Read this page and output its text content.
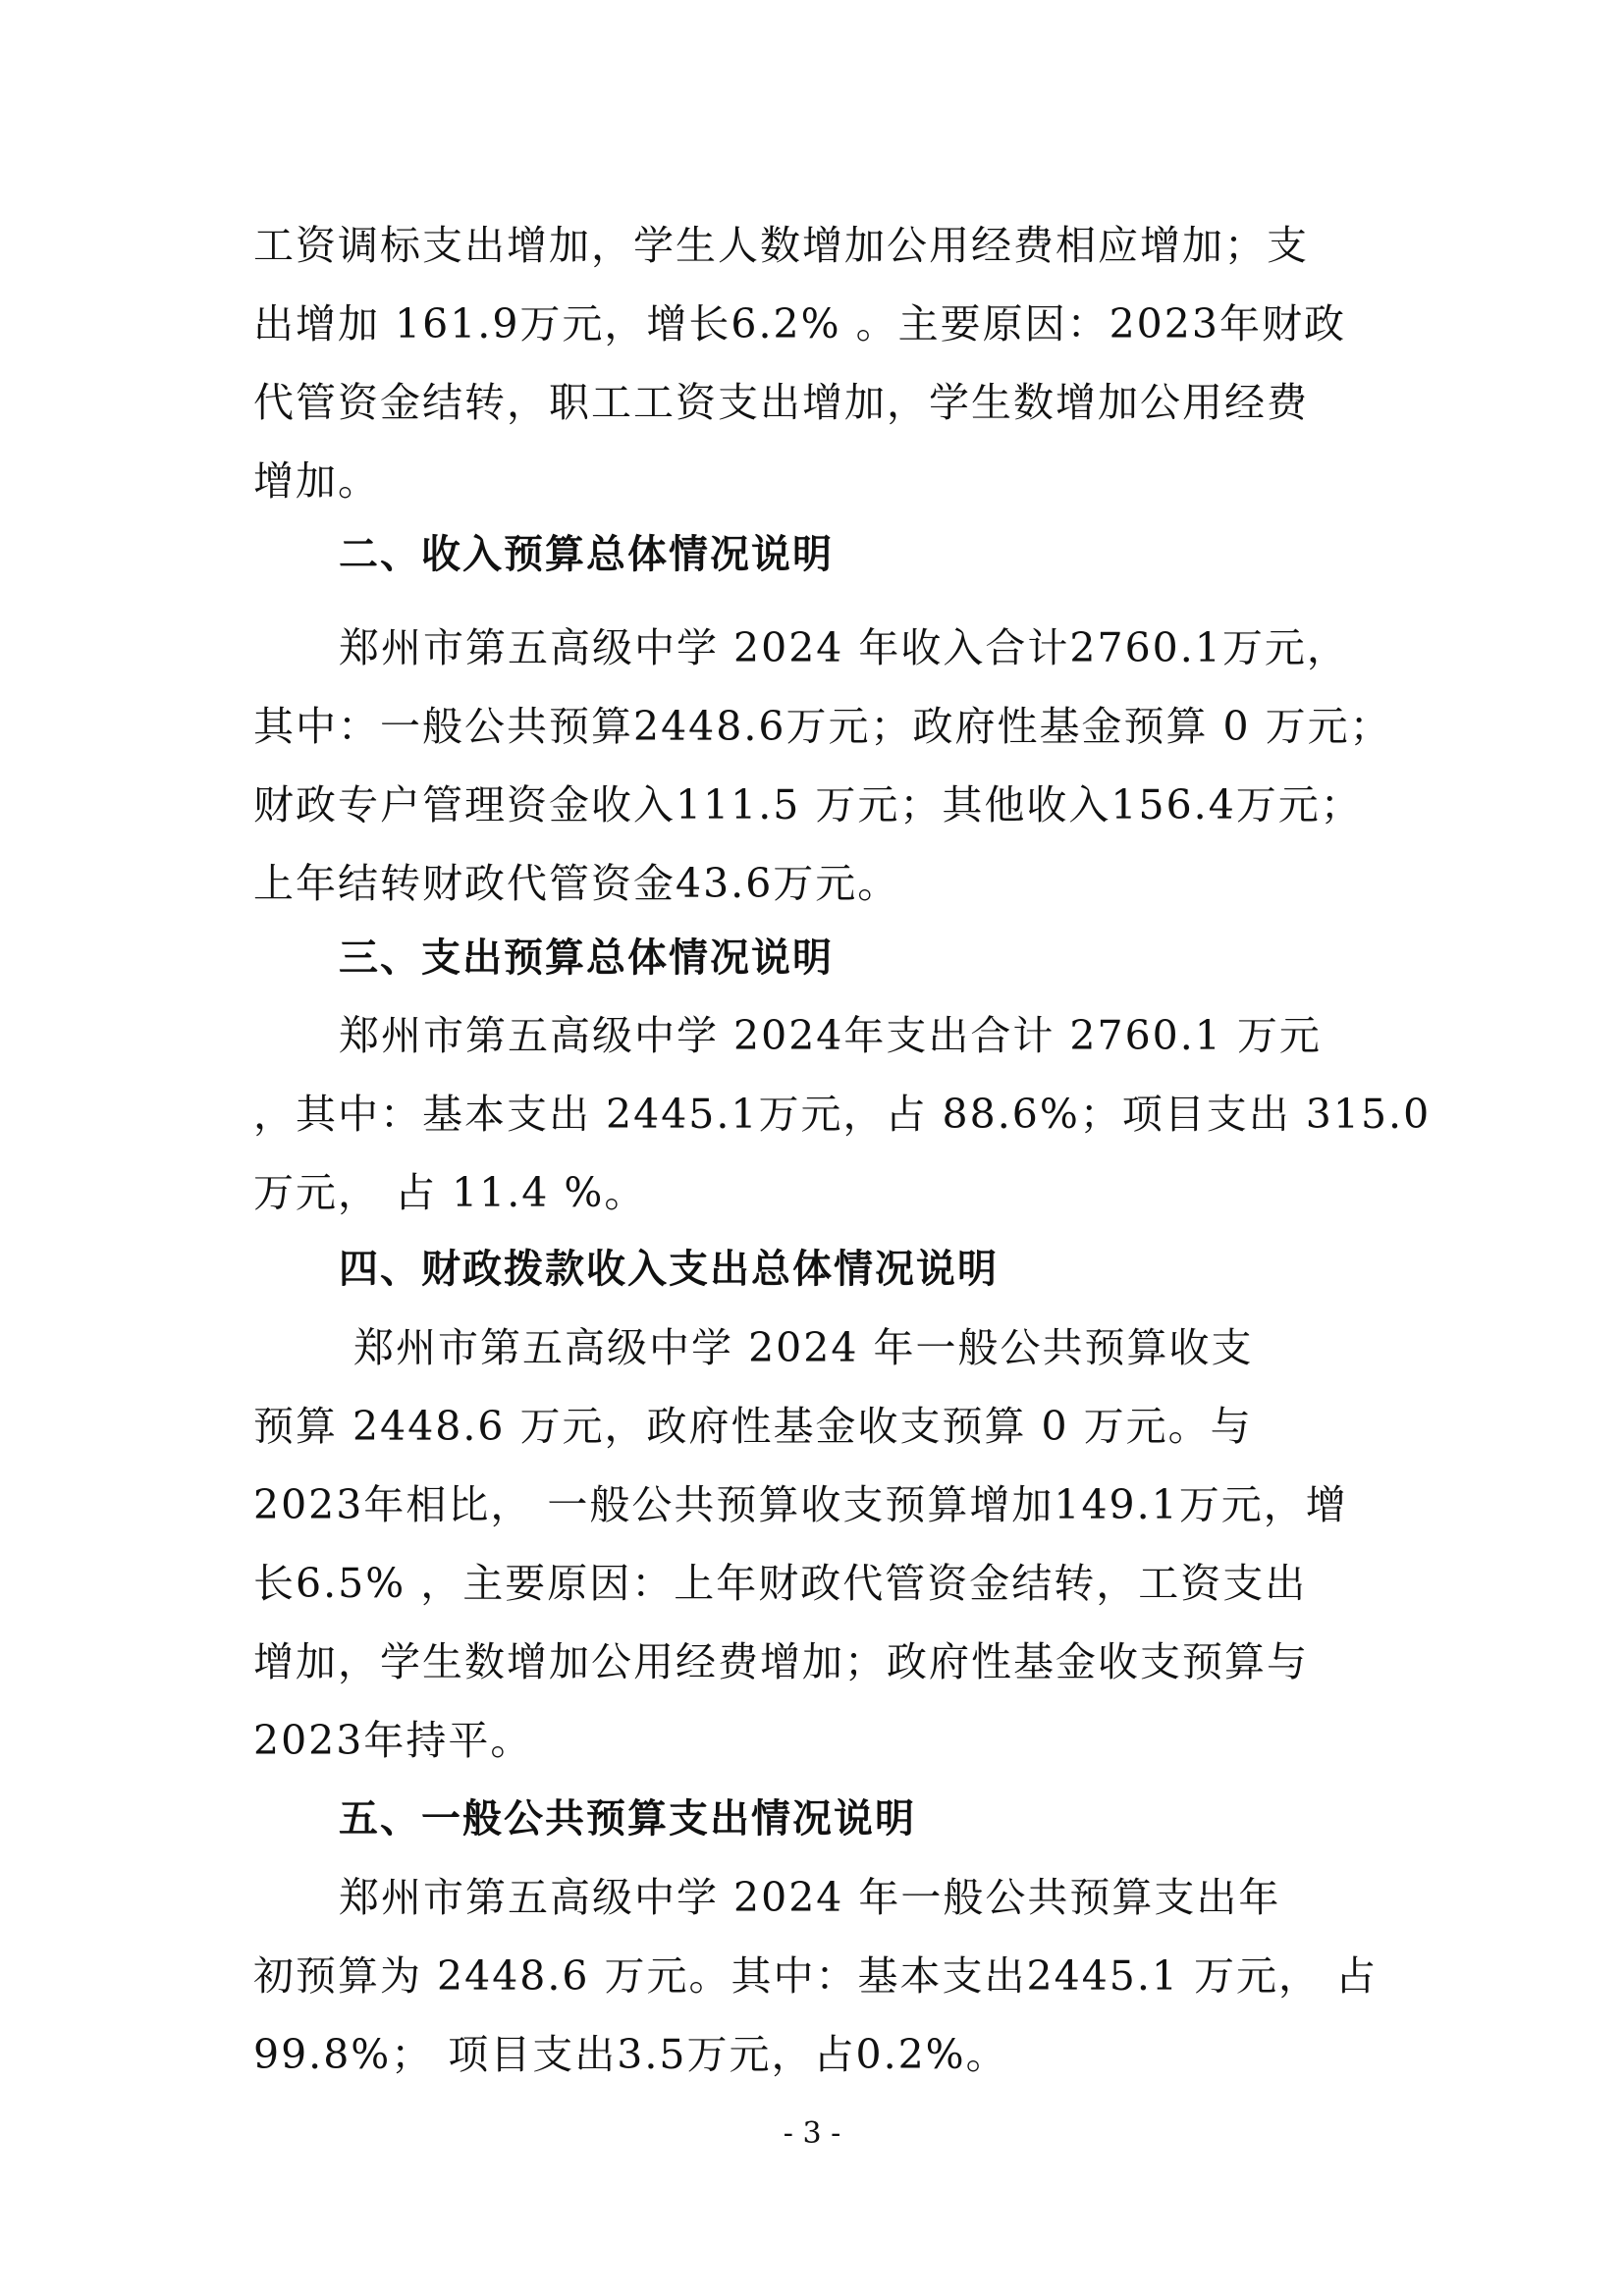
工资调标支出增加，学生人数增加公用经费相应增加；支
出增加 161.9万元，增长6.2% 。主要原因：2023年财政
代管资金结转，职工工资支出增加，学生数增加公用经费
增加。
二、收入预算总体情况说明
郑州市第五高级中学 2024 年收入合计2760.1万元，
其中：一般公共预算2448.6万元；政府性基金预算 0 万元；
财政专户管理资金收入111.5 万元；其他收入156.4万元；
上年结转财政代管资金43.6万元。
三、支出预算总体情况说明
郑州市第五高级中学 2024年支出合计 2760.1 万元
，其中：基本支出 2445.1万元，占 88.6%；项目支出 315.0
万元， 占 11.4 %。
四、财政拨款收入支出总体情况说明
郑州市第五高级中学 2024 年一般公共预算收支
预算 2448.6 万元，政府性基金收支预算 0 万元。与
2023年相比， 一般公共预算收支预算增加149.1万元，增
长6.5% ，主要原因：上年财政代管资金结转，工资支出
增加，学生数增加公用经费增加；政府性基金收支预算与
2023年持平。
五、一般公共预算支出情况说明
郑州市第五高级中学 2024 年一般公共预算支出年
初预算为 2448.6 万元。其中：基本支出2445.1 万元， 占
99.8%； 项目支出3.5万元，占0.2%。
- 3 -
